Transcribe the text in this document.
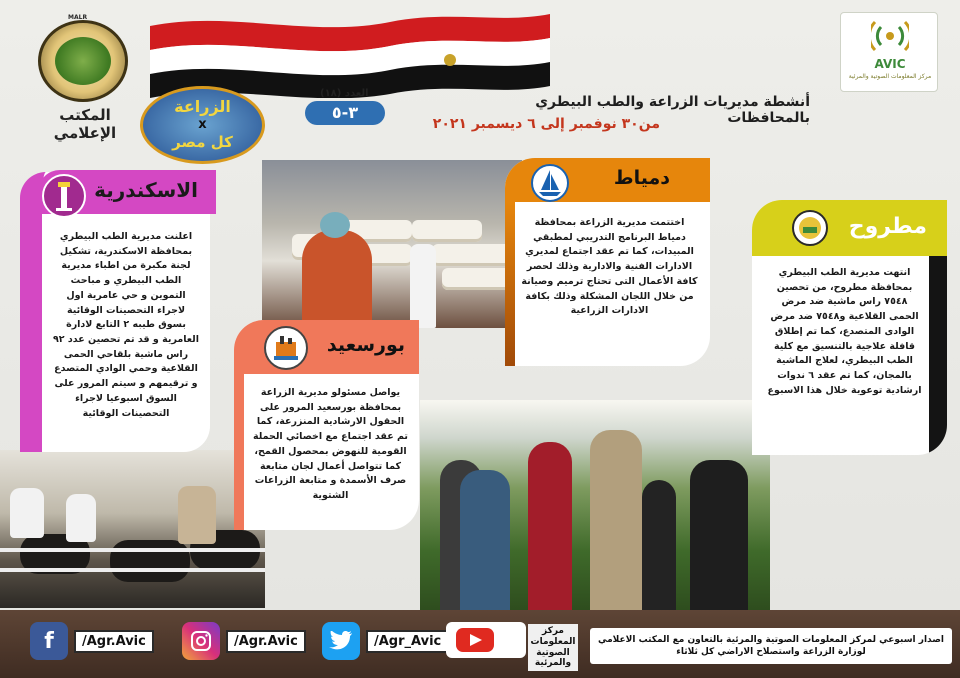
MALR
المكتب الإعلامي
AVIC
مركز المعلومات الصوتية والمرئية
الزراعة
x
كل مصر
العدد (١٨)
٣-٥
أنشطة مديريات الزراعة والطب البيطري بالمحافظات
من٣٠ نوفمبر إلى ٦ ديسمبر ٢٠٢١
الاسكندرية
اعلنت مديرية الطب البيطري بمحافظة الاسكندرية، تشكيل لجنة مكبرة من اطباء مديرية الطب البيطري و مباحث التموين و حي عامرية اول لاجراء التحصينات الوقائية بسوق طيبه ٢ التابع لادارة العامرية و قد تم تحصين عدد ٩٢ راس ماشية بلقاحي الحمى القلاعية وحمي الوادي المتصدع و ترقيمهم و سيتم المرور على السوق اسبوعيا لاجراء التحصينات الوقائية
دمياط
اختتمت مديرية الزراعة بمحافظة دمياط البرنامج التدريبي لمطبقي المبيدات، كما تم عقد اجتماع لمديري الادارات الفنية والادارية وذلك لحصر كافة الأعمال التى تحتاج ترميم وصيانة من خلال اللجان المشكلة وذلك بكافة الادارات الزراعية
مطروح
انتهت مديرية الطب البيطري بمحافظة مطروح، من تحصين ٧٥٤٨ راس ماشية ضد مرض الحمى القلاعية و٧٥٤٨ ضد مرض الوادى المتصدع، كما تم إطلاق قافلة علاجية بالتنسيق مع كلية الطب البيطري، لعلاج الماشية بالمجان، كما تم عقد ٦ ندوات ارشادية توعوية خلال هذا الاسبوع
بورسعيد
يواصل مسئولو مديرية الزراعة بمحافظة بورسعيد المرور على الحقول الارشادية المنزرعة، كما تم عقد اجتماع مع اخصائي الحملة القومية للنهوض بمحصول القمح، كما تتواصل أعمال لجان متابعة صرف الأسمدة و متابعة الزراعات الشتوية
f	/Agr.Avic	/Agr.Avic	/Agr_Avic
مركز المعلومات الصوتية والمرئية
اصدار اسبوعي لمركز المعلومات الصوتية والمرئية بالتعاون مع المكتب الاعلامي لوزارة الزراعة واستصلاح الاراضي كل ثلاثاء
